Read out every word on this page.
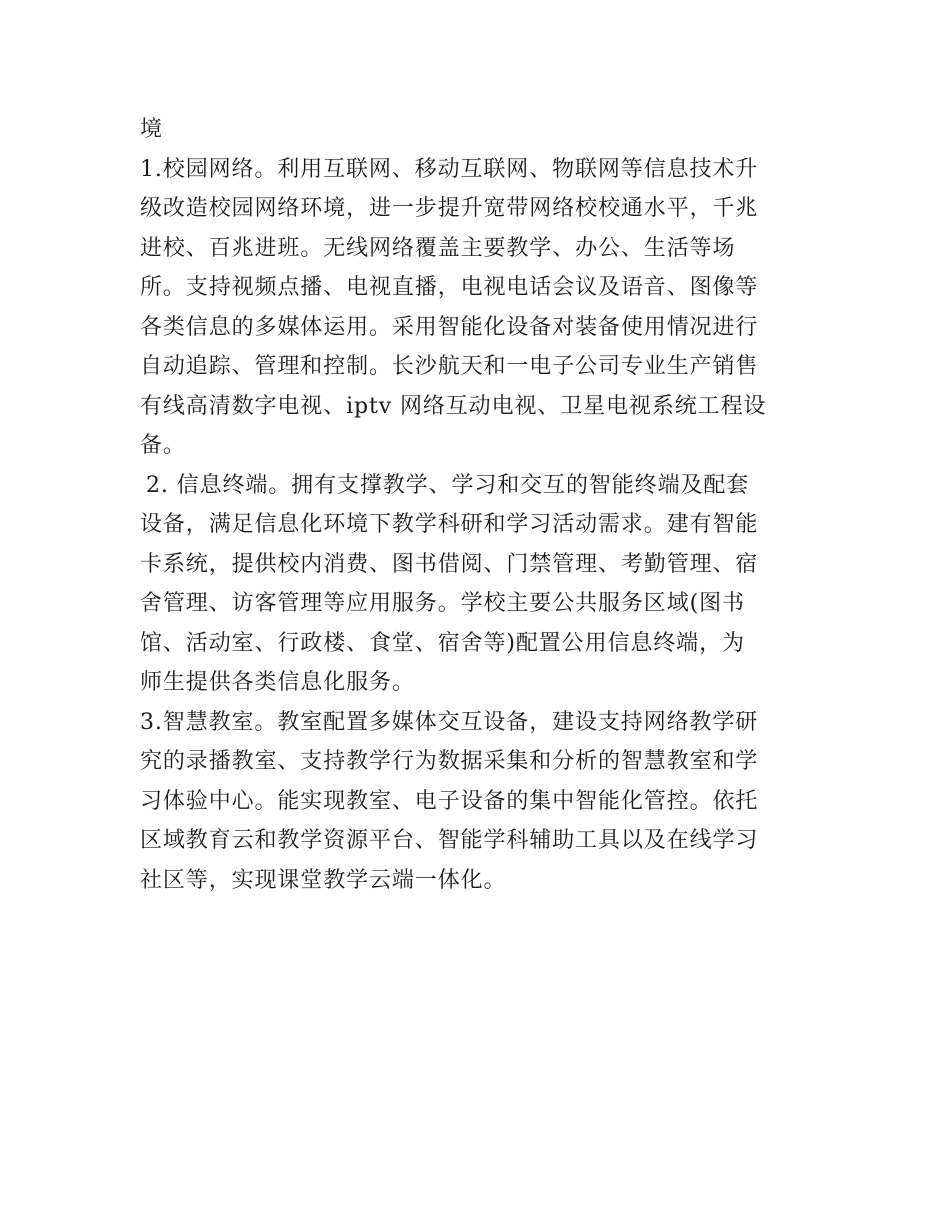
境
1.校园网络。利用互联网、移动互联网、物联网等信息技术升
级改造校园网络环境，进一步提升宽带网络校校通水平，千兆
进校、百兆进班。无线网络覆盖主要教学、办公、生活等场
所。支持视频点播、电视直播，电视电话会议及语音、图像等
各类信息的多媒体运用。采用智能化设备对装备使用情况进行
自动追踪、管理和控制。长沙航天和一电子公司专业生产销售
有线高清数字电视、iptv 网络互动电视、卫星电视系统工程设
备。
2. 信息终端。拥有支撑教学、学习和交互的智能终端及配套
设备，满足信息化环境下教学科研和学习活动需求。建有智能
卡系统，提供校内消费、图书借阅、门禁管理、考勤管理、宿
舍管理、访客管理等应用服务。学校主要公共服务区域(图书
馆、活动室、行政楼、食堂、宿舍等)配置公用信息终端，为
师生提供各类信息化服务。
3.智慧教室。教室配置多媒体交互设备，建设支持网络教学研
究的录播教室、支持教学行为数据采集和分析的智慧教室和学
习体验中心。能实现教室、电子设备的集中智能化管控。依托
区域教育云和教学资源平台、智能学科辅助工具以及在线学习
社区等，实现课堂教学云端一体化。
